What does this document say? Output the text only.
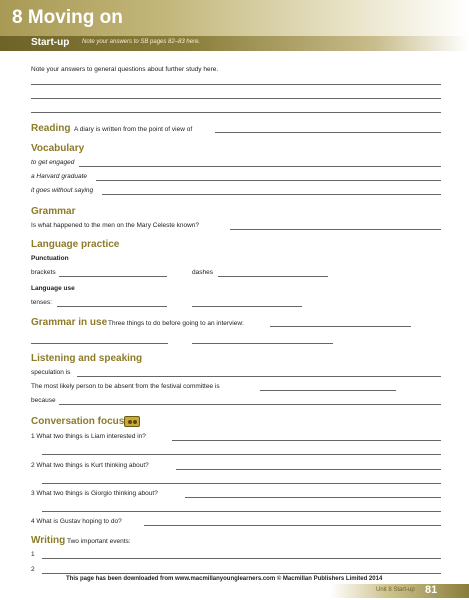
8 Moving on
Start-up Note your answers to SB pages 82–83 here.
Note your answers to general questions about further study here.
Reading A diary is written from the point of view of
Vocabulary
to get engaged
a Harvard graduate
it goes without saying
Grammar
Is what happened to the men on the Mary Celeste known?
Language practice
Punctuation
brackets	dashes
Language use
tenses:
Grammar in use Three things to do before going to an interview:
Listening and speaking
speculation is
The most likely person to be absent from the festival committee is
because
Conversation focus
1 What two things is Liam interested in?
2 What two things is Kurt thinking about?
3 What two things is Giorgio thinking about?
4 What is Gustav hoping to do?
Writing Two important events:
1
2
This page has been downloaded from www.macmillanyounglearners.com © Macmillan Publishers Limited 2014
Unit 8 Start-up 81
